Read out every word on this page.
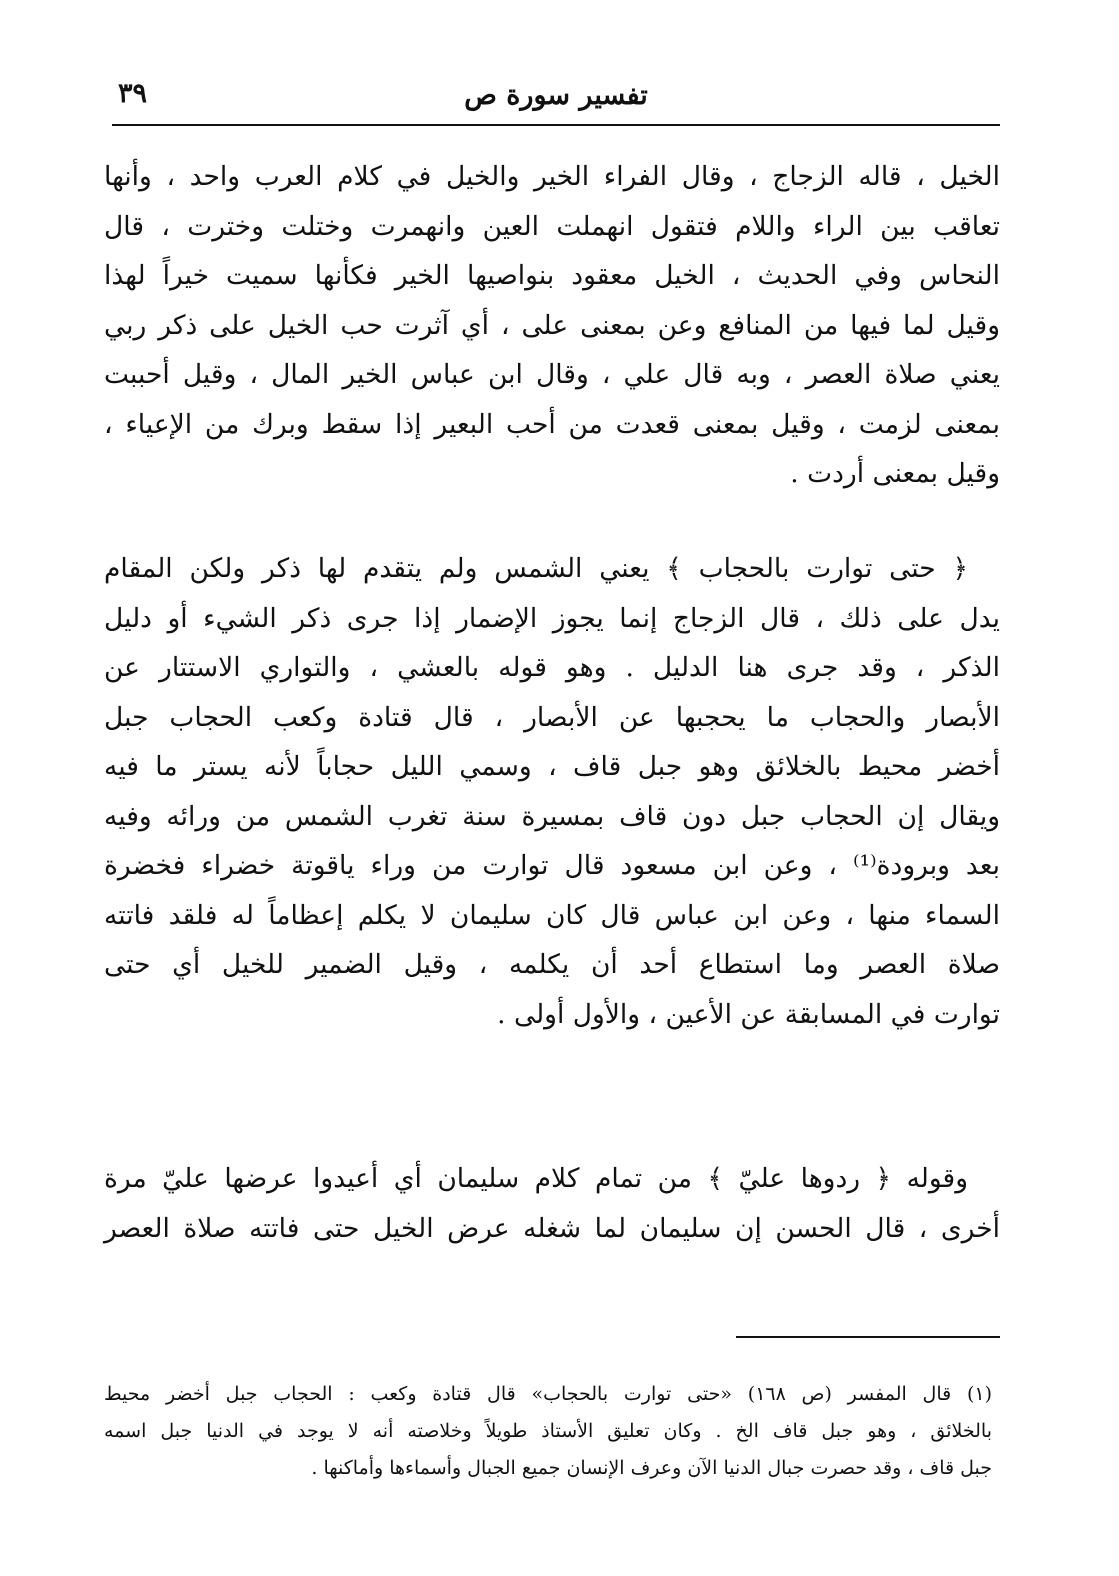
تفسير سورة ص
٣٩
الخيل ، قاله الزجاج ، وقال الفراء الخير والخيل في كلام العرب واحد ، وأنها
تعاقب بين الراء واللام فتقول انهملت العين وانهمرت وختلت وخترت ، قال
النحاس وفي الحديث ، الخيل معقود بنواصيها الخير فكأنها سميت خيراً لهذا
وقيل لما فيها من المنافع وعن بمعنى على ، أي آثرت حب الخيل على ذكر ربي
يعني صلاة العصر ، وبه قال علي ، وقال ابن عباس الخير المال ، وقيل أحببت
بمعنى لزمت ، وقيل بمعنى قعدت من أحب البعير إذا سقط وبرك من الإعياء ،
وقيل بمعنى أردت .
﴿ حتى توارت بالحجاب ﴾ يعني الشمس ولم يتقدم لها ذكر ولكن المقام
يدل على ذلك ، قال الزجاج إنما يجوز الإضمار إذا جرى ذكر الشيء أو دليل
الذكر ، وقد جرى هنا الدليل . وهو قوله بالعشي ، والتواري الاستتار عن
الأبصار والحجاب ما يحجبها عن الأبصار ، قال قتادة وكعب الحجاب جبل
أخضر محيط بالخلائق وهو جبل قاف ، وسمي الليل حجاباً لأنه يستر ما فيه
ويقال إن الحجاب جبل دون قاف بمسيرة سنة تغرب الشمس من ورائه وفيه
بعد وبرودة⁽¹⁾ ، وعن ابن مسعود قال توارت من وراء ياقوتة خضراء فخضرة
السماء منها ، وعن ابن عباس قال كان سليمان لا يكلم إعظاماً له فلقد فاتته
صلاة العصر وما استطاع أحد أن يكلمه ، وقيل الضمير للخيل أي حتى
توارت في المسابقة عن الأعين ، والأول أولى .
وقوله ﴿ ردوها عليّ ﴾ من تمام كلام سليمان أي أعيدوا عرضها عليّ مرة
أخرى ، قال الحسن إن سليمان لما شغله عرض الخيل حتى فاتته صلاة العصر
(١) قال المفسر (ص ١٦٨) «حتى توارت بالحجاب» قال قتادة وكعب : الحجاب جبل أخضر محيط
بالخلائق ، وهو جبل قاف الخ . وكان تعليق الأستاذ طويلاً وخلاصته أنه لا يوجد في الدنيا جبل اسمه
جبل قاف ، وقد حصرت جبال الدنيا الآن وعرف الإنسان جميع الجبال وأسماءها وأماكنها .
